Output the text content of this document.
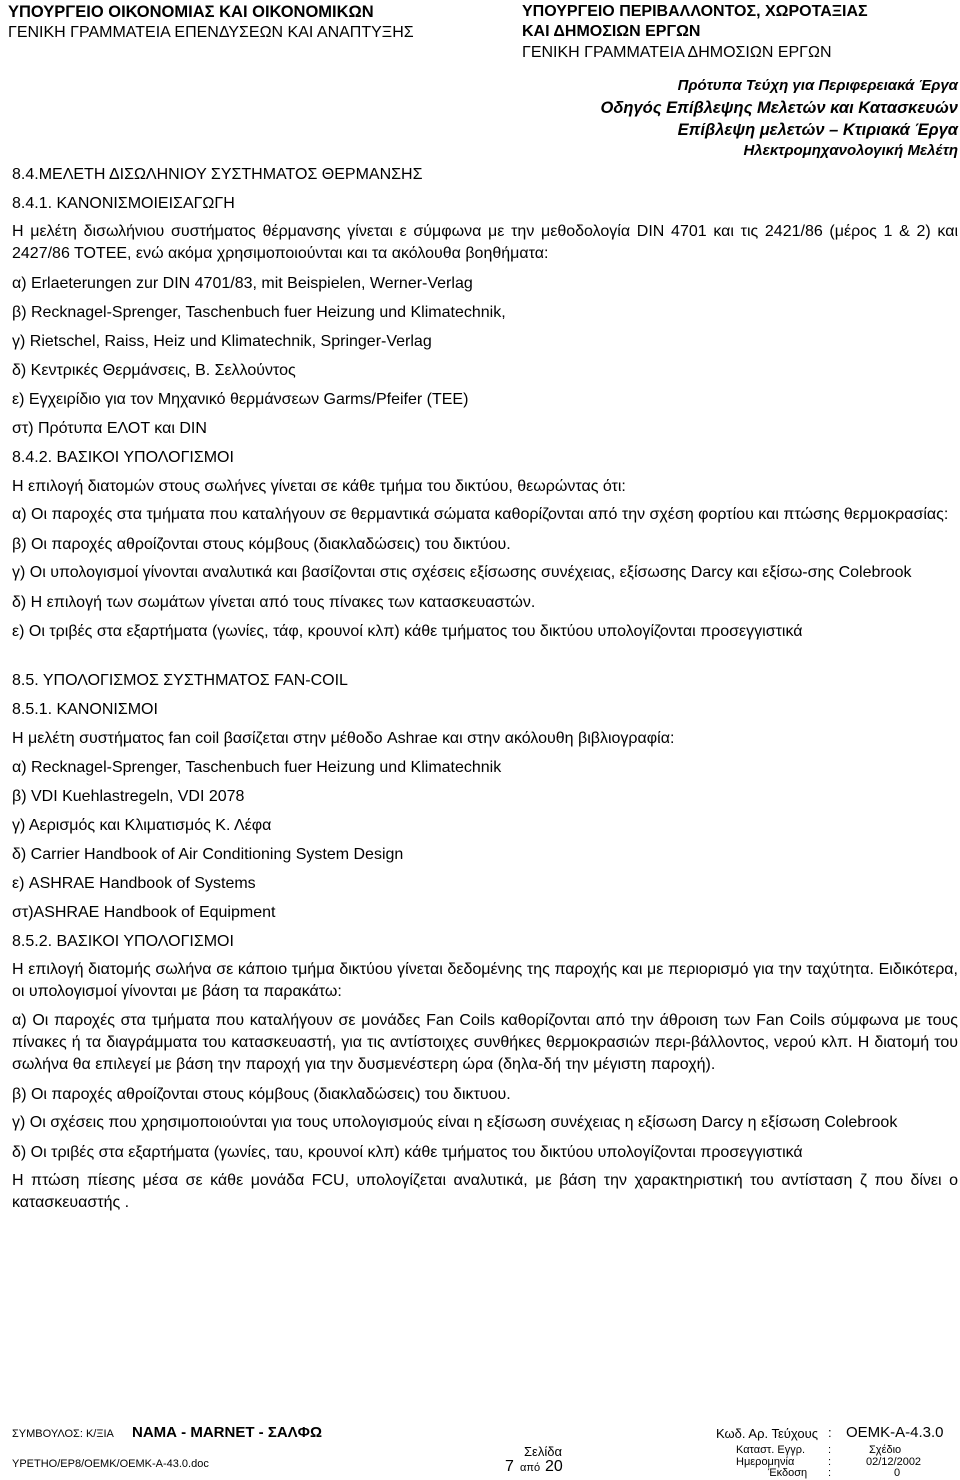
ΥΠΟΥΡΓΕΙΟ ΟΙΚΟΝΟΜΙΑΣ ΚΑΙ ΟΙΚΟΝΟΜΙΚΩΝ
ΓΕΝΙΚΗ ΓΡΑΜΜΑΤΕΙΑ ΕΠΕΝΔΥΣΕΩΝ ΚΑΙ ΑΝΑΠΤΥΞΗΣ
ΥΠΟΥΡΓΕΙΟ ΠΕΡΙΒΑΛΛΟΝΤΟΣ, ΧΩΡΟΤΑΞΙΑΣ
ΚΑΙ ΔΗΜΟΣΙΩΝ ΕΡΓΩΝ
ΓΕΝΙΚΗ ΓΡΑΜΜΑΤΕΙΑ ΔΗΜΟΣΙΩΝ ΕΡΓΩΝ
Πρότυπα Τεύχη για Περιφερειακά Έργα
Οδηγός Επίβλεψης Μελετών και Κατασκευών
Επίβλεψη μελετών – Κτιριακά Έργα
Ηλεκτρομηχανολογική Μελέτη

8.4.ΜΕΛΕΤΗ ΔΙΣΩΛΗΝΙΟΥ ΣΥΣΤΗΜΑΤΟΣ ΘΕΡΜΑΝΣΗΣ

8.4.1. ΚΑΝΟΝΙΣΜΟΙΕΙΣΑΓΩΓΗ

Η μελέτη δισωλήνιου συστήματος θέρμανσης γίνεται ε σύμφωνα με την μεθοδολογία DIN 4701 και τις 2421/86 (μέρος 1 & 2) και 2427/86 ΤΟΤΕΕ, ενώ ακόμα χρησιμοποιούνται και τα ακόλουθα βοηθήματα:

α) Erlaeterungen zur DIN 4701/83, mit Beispielen, Werner-Verlag

β) Recknagel-Sprenger, Taschenbuch fuer Heizung und Klimatechnik,

γ) Rietschel, Raiss, Heiz und Klimatechnik, Springer-Verlag

δ) Κεντρικές Θερμάνσεις, Β. Σελλούντος

ε) Εγχειρίδιο για τον Μηχανικό θερμάνσεων Garms/Pfeifer (ΤΕΕ)

στ) Πρότυπα ΕΛΟΤ και DIN

8.4.2. ΒΑΣΙΚΟΙ ΥΠΟΛΟΓΙΣΜΟΙ

Η επιλογή διατομών στους σωλήνες γίνεται σε κάθε τμήμα του δικτύου, θεωρώντας ότι:

α) Οι παροχές στα τμήματα που καταλήγουν σε θερμαντικά σώματα καθορίζονται από την σχέση φορτίου και πτώσης θερμοκρασίας:

β) Οι παροχές αθροίζονται στους κόμβους (διακλαδώσεις) του δικτύου.

γ) Οι υπολογισμοί γίνονται αναλυτικά και βασίζονται στις σχέσεις εξίσωσης συνέχειας, εξίσωσης Darcy και εξίσω-σης Colebrook

δ) Η επιλογή των σωμάτων γίνεται από τους πίνακες των κατασκευαστών.

ε) Οι τριβές στα εξαρτήματα (γωνίες, τάφ, κρουνοί κλπ) κάθε τμήματος του δικτύου υπολογίζονται προσεγγιστικά

8.5. ΥΠΟΛΟΓΙΣΜΟΣ ΣΥΣΤΗΜΑΤΟΣ FAN-COIL

8.5.1. ΚΑΝΟΝΙΣΜΟΙ

Η μελέτη συστήματος fan coil βασίζεται στην μέθοδο Ashrae και στην ακόλουθη βιβλιογραφία:

α) Recknagel-Sprenger, Taschenbuch fuer Heizung und Klimatechnik

β) VDI Kuehlastregeln, VDI 2078

γ) Αερισμός και Κλιματισμός Κ. Λέφα

δ) Carrier Handbook of Air Conditioning System Design

ε) ASHRAE Handbook of Systems

στ)ASHRAE Handbook of Equipment

8.5.2. ΒΑΣΙΚΟΙ ΥΠΟΛΟΓΙΣΜΟΙ

Η επιλογή διατομής σωλήνα σε κάποιο τμήμα δικτύου γίνεται δεδομένης της παροχής και με περιορισμό για την ταχύτητα. Ειδικότερα, οι υπολογισμοί γίνονται με βάση τα παρακάτω:

α) Οι παροχές στα τμήματα που καταλήγουν σε μονάδες Fan Coils καθορίζονται από την άθροιση των Fan Coils σύμφωνα με τους πίνακες ή τα διαγράμματα του κατασκευαστή, για τις αντίστοιχες συνθήκες θερμοκρασιών περι-βάλλοντος, νερού κλπ. Η διατομή του σωλήνα θα επιλεγεί με βάση την παροχή για την δυσμενέστερη ώρα (δηλα-δή την μέγιστη παροχή).

β) Οι παροχές αθροίζονται στους κόμβους (διακλαδώσεις) του δικτυου.

γ) Οι σχέσεις που χρησιμοποιούνται για τους υπολογισμούς είναι η εξίσωση συνέχειας η εξίσωση Darcy η εξίσωση Colebrook

δ) Οι τριβές στα εξαρτήματα (γωνίες, ταυ, κρουνοί κλπ) κάθε τμήματος του δικτύου υπολογίζονται προσεγγιστικά

Η πτώση πίεσης μέσα σε κάθε μονάδα FCU, υπολογίζεται αναλυτικά, με βάση την χαρακτηριστική του αντίσταση ζ που δίνει ο κατασκευαστής .

ΣΥΜΒΟΥΛΟΣ: Κ/ΞΙΑ ΝΑΜΑ - MARNET - ΣΑΛΦΩ
ΥΡΕΤΗΟ/ΕΡ8/ΟΕΜΚ/ΟΕΜΚ-Α-43.0.doc
Σελίδα
7 από 20
Κωδ. Αρ. Τεύχους : ΟΕΜΚ-Α-4.3.0
Καταστ. Εγγρ. :	Σχέδιο
Ημερομηνία	:	02/12/2002
Έκδοση :	0
